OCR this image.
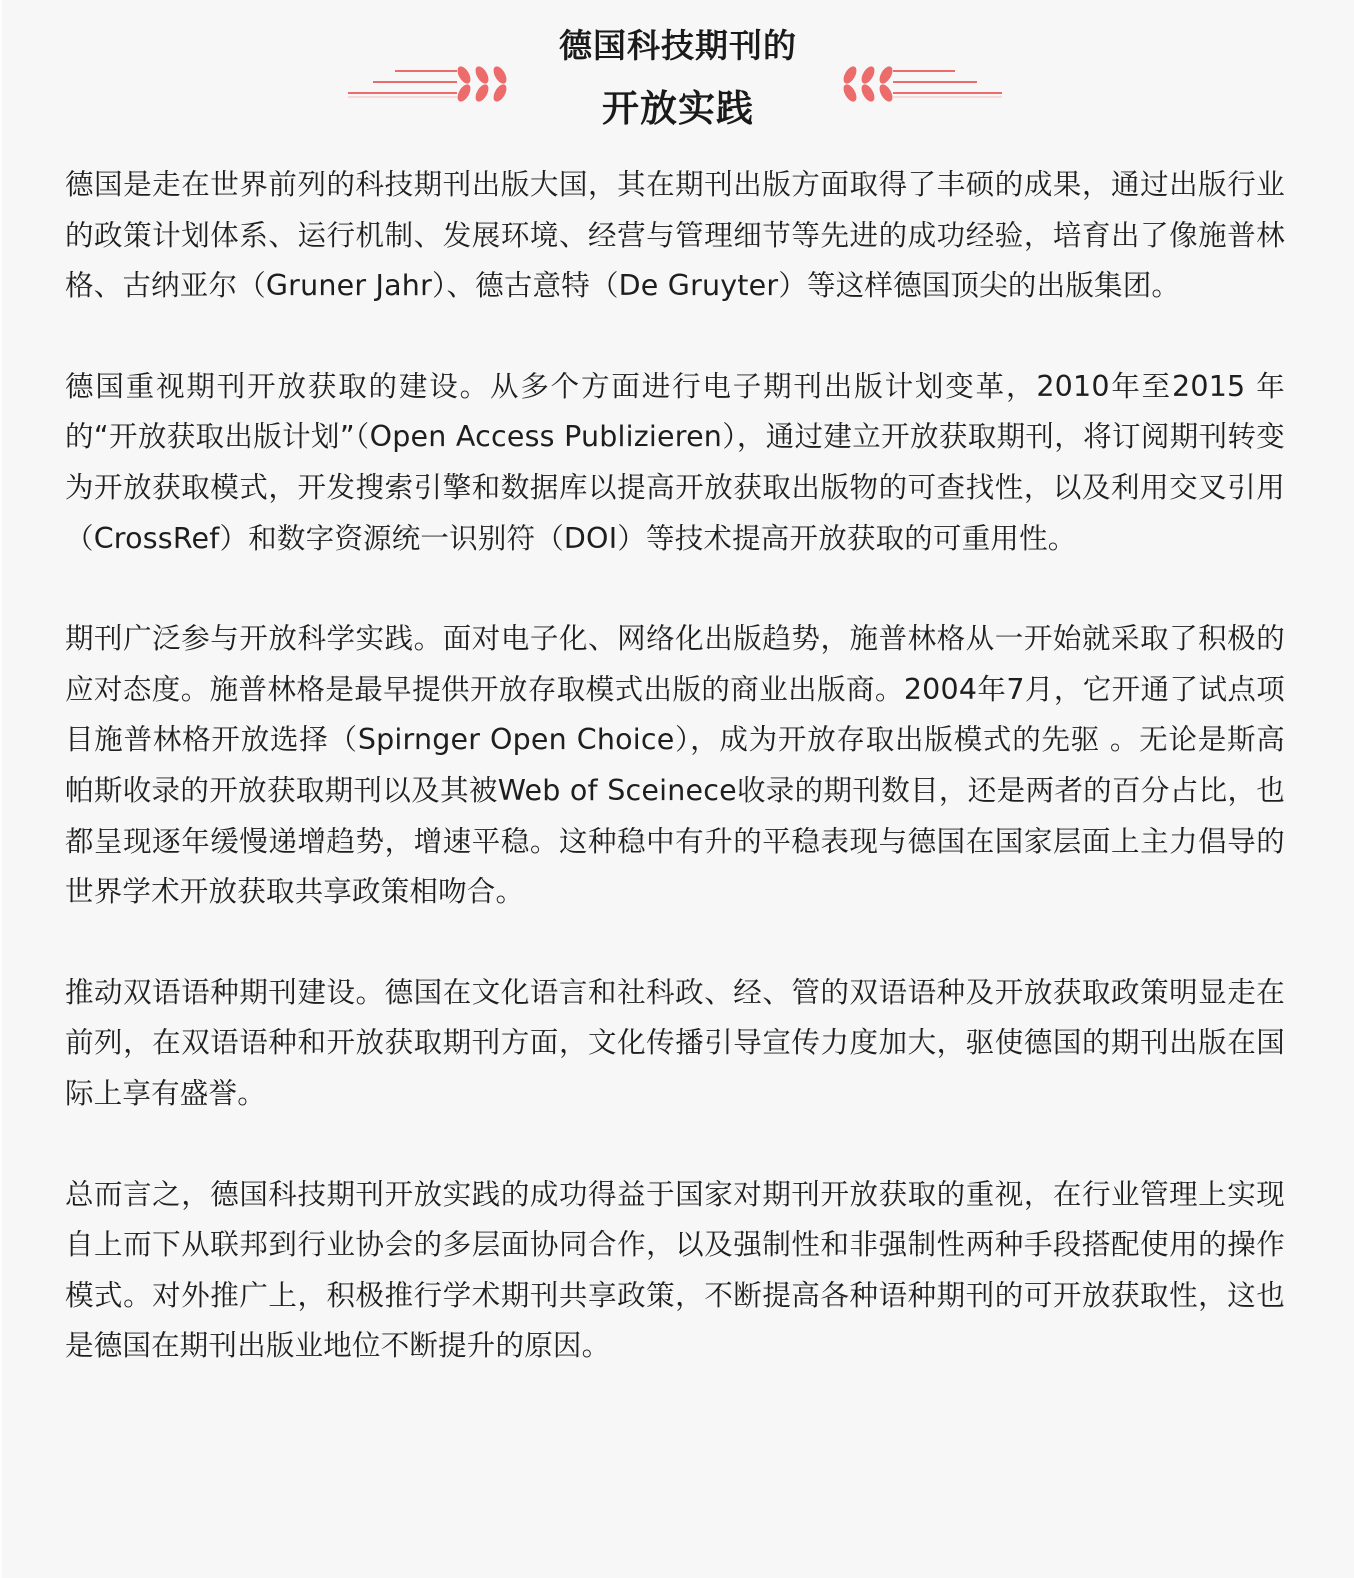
德国科技期刊的
开放实践

德国是走在世界前列的科技期刊出版大国，其在期刊出版方面取得了丰硕的成果，通过出版行业的政策计划体系、运行机制、发展环境、经营与管理细节等先进的成功经验，培育出了像施普林格、古纳亚尔（Gruner Jahr）、德古意特（De Gruyter）等这样德国顶尖的出版集团。

德国重视期刊开放获取的建设。从多个方面进行电子期刊出版计划变革，2010年至2015 年的“开放获取出版计划”（Open Access Publizieren），通过建立开放获取期刊，将订阅期刊转变为开放获取模式，开发搜索引擎和数据库以提高开放获取出版物的可查找性，以及利用交叉引用（CrossRef）和数字资源统一识别符（DOI）等技术提高开放获取的可重用性。

期刊广泛参与开放科学实践。面对电子化、网络化出版趋势，施普林格从一开始就采取了积极的应对态度。施普林格是最早提供开放存取模式出版的商业出版商。2004年7月，它开通了试点项目施普林格开放选择（Spirnger Open Choice），成为开放存取出版模式的先驱 。无论是斯高帕斯收录的开放获取期刊以及其被Web of Sceinece收录的期刊数目，还是两者的百分占比，也都呈现逐年缓慢递增趋势，增速平稳。这种稳中有升的平稳表现与德国在国家层面上主力倡导的世界学术开放获取共享政策相吻合。

推动双语语种期刊建设。德国在文化语言和社科政、经、管的双语语种及开放获取政策明显走在前列，在双语语种和开放获取期刊方面，文化传播引导宣传力度加大，驱使德国的期刊出版在国际上享有盛誉。

总而言之，德国科技期刊开放实践的成功得益于国家对期刊开放获取的重视，在行业管理上实现自上而下从联邦到行业协会的多层面协同合作，以及强制性和非强制性两种手段搭配使用的操作模式。对外推广上，积极推行学术期刊共享政策，不断提高各种语种期刊的可开放获取性，这也是德国在期刊出版业地位不断提升的原因。
